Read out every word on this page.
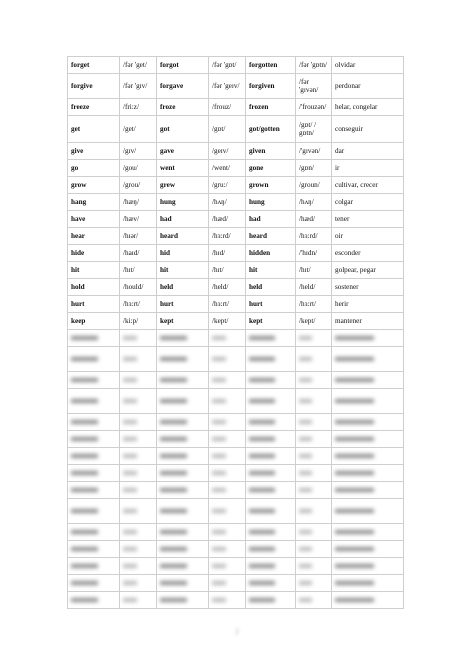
forget	/fər 'get/	forgot	/fər 'gɒt/	forgotten	/fər 'gɒtn/	olvidar
forgive	/fər 'gɪv/	forgave	/fər 'geɪv/	forgiven	/fər 'gɪvən/	perdonar
freeze	/fri:z/	froze	/frouz/	frozen	/'frouzən/	helar, congelar
get	/get/	got	/gɒt/	got/gotten	/gɒt/ / gɒtn/	conseguir
give	/gɪv/	gave	/geɪv/	given	/'gɪvən/	dar
go	/gou/	went	/went/	gone	/gɒn/	ir
grow	/grou/	grew	/gru:/	grown	/groun/	cultivar, crecer
hang	/hæŋ/	hung	/hʌŋ/	hung	/hʌŋ/	colgar
have	/hæv/	had	/hæd/	had	/hæd/	tener
hear	/hɪər/	heard	/hɜ:rd/	heard	/hɜ:rd/	oir
hide	/haɪd/	hid	/hɪd/	hidden	/'hɪdn/	esconder
hit	/hɪt/	hit	/hɪt/	hit	/hɪt/	golpear, pegar
hold	/hould/	held	/held/	held	/held/	sostener
hurt	/hɜ:rt/	hurt	/hɜ:rt/	hurt	/hɜ:rt/	herir
keep	/ki:p/	kept	/kept/	kept	/kept/	mantener

2
